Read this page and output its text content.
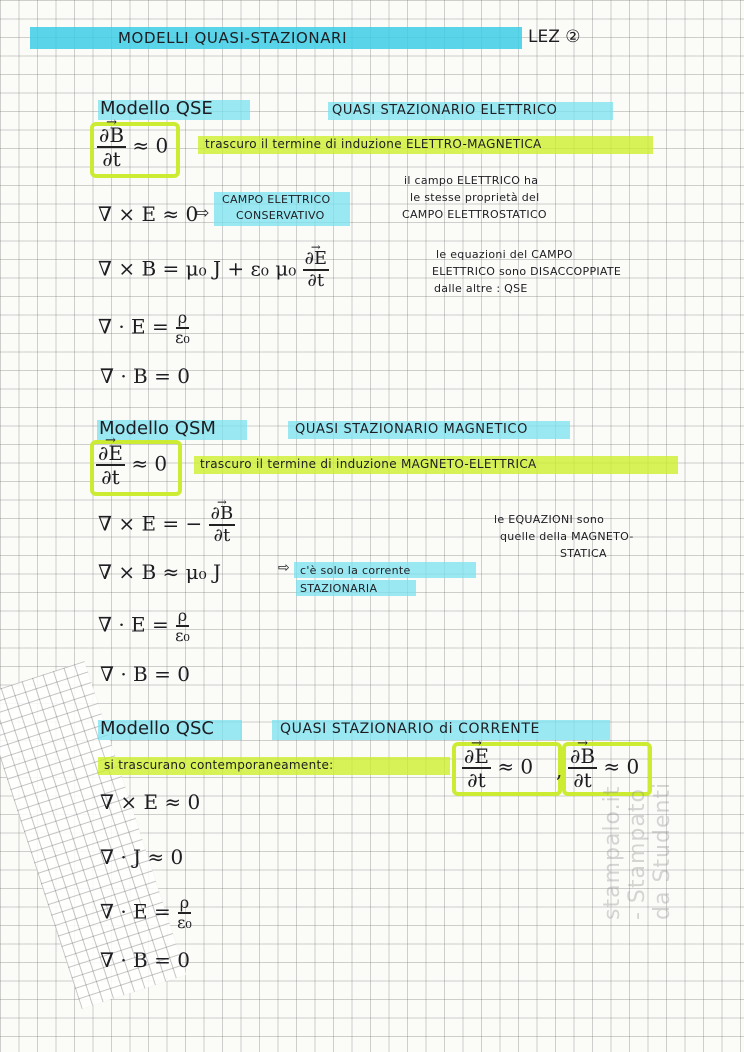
MODELLI QUASI-STAZIONARI	LEZ ②
Modello QSE	QUASI STAZIONARIO ELETTRICO
→ $\frac{\partial B}{\partial t} \approx 0$	trascuro il termine di induzione ELETTRO-MAGNETICA
∇ × E ≈ 0
⇨
CAMPO ELETTRICO
CONSERVATIVO
il campo ELETTRICO ha
le stesse proprietà del
CAMPO ELETTROSTATICO
∇ × B = μ₀ J + ε₀ μ₀
→ $\frac{\partial E}{\partial t}$	le equazioni del CAMPO
ELETTRICO sono DISACCOPPIATE
dalle altre : QSE
∇ · $E = \frac{\rho}{\text{ε₀}}$
∇ · B = 0
Modello QSM	QUASI STAZIONARIO MAGNETICO
→ $\frac{\partial E}{\partial t} \approx 0$	trascuro il termine di induzione MAGNETO-ELETTRICA
∇ × E = −
→ $\frac{\partial B}{\partial t}$	le EQUAZIONI sono
quelle della MAGNETO-
STATICA
∇ × B ≈ μ₀ J	⇨ c'è solo la corrente
STAZIONARIA
∇ · $E = \frac{\rho}{\text{ε₀}}$
∇ · B = 0
Modello QSC	QUASI STAZIONARIO di CORRENTE
si trascurano contemporaneamente:
→	$\frac{\partial E}{\partial t} \approx 0$ ,
→ $\frac{\partial B}{\partial t} \approx 0$
∇ × E ≈ 0
∇ · J ≈ 0
∇ · $E = \frac{\rho}{\text{ε₀}}$
∇ · B = 0
stampalo.it - Stampato da Studenti
